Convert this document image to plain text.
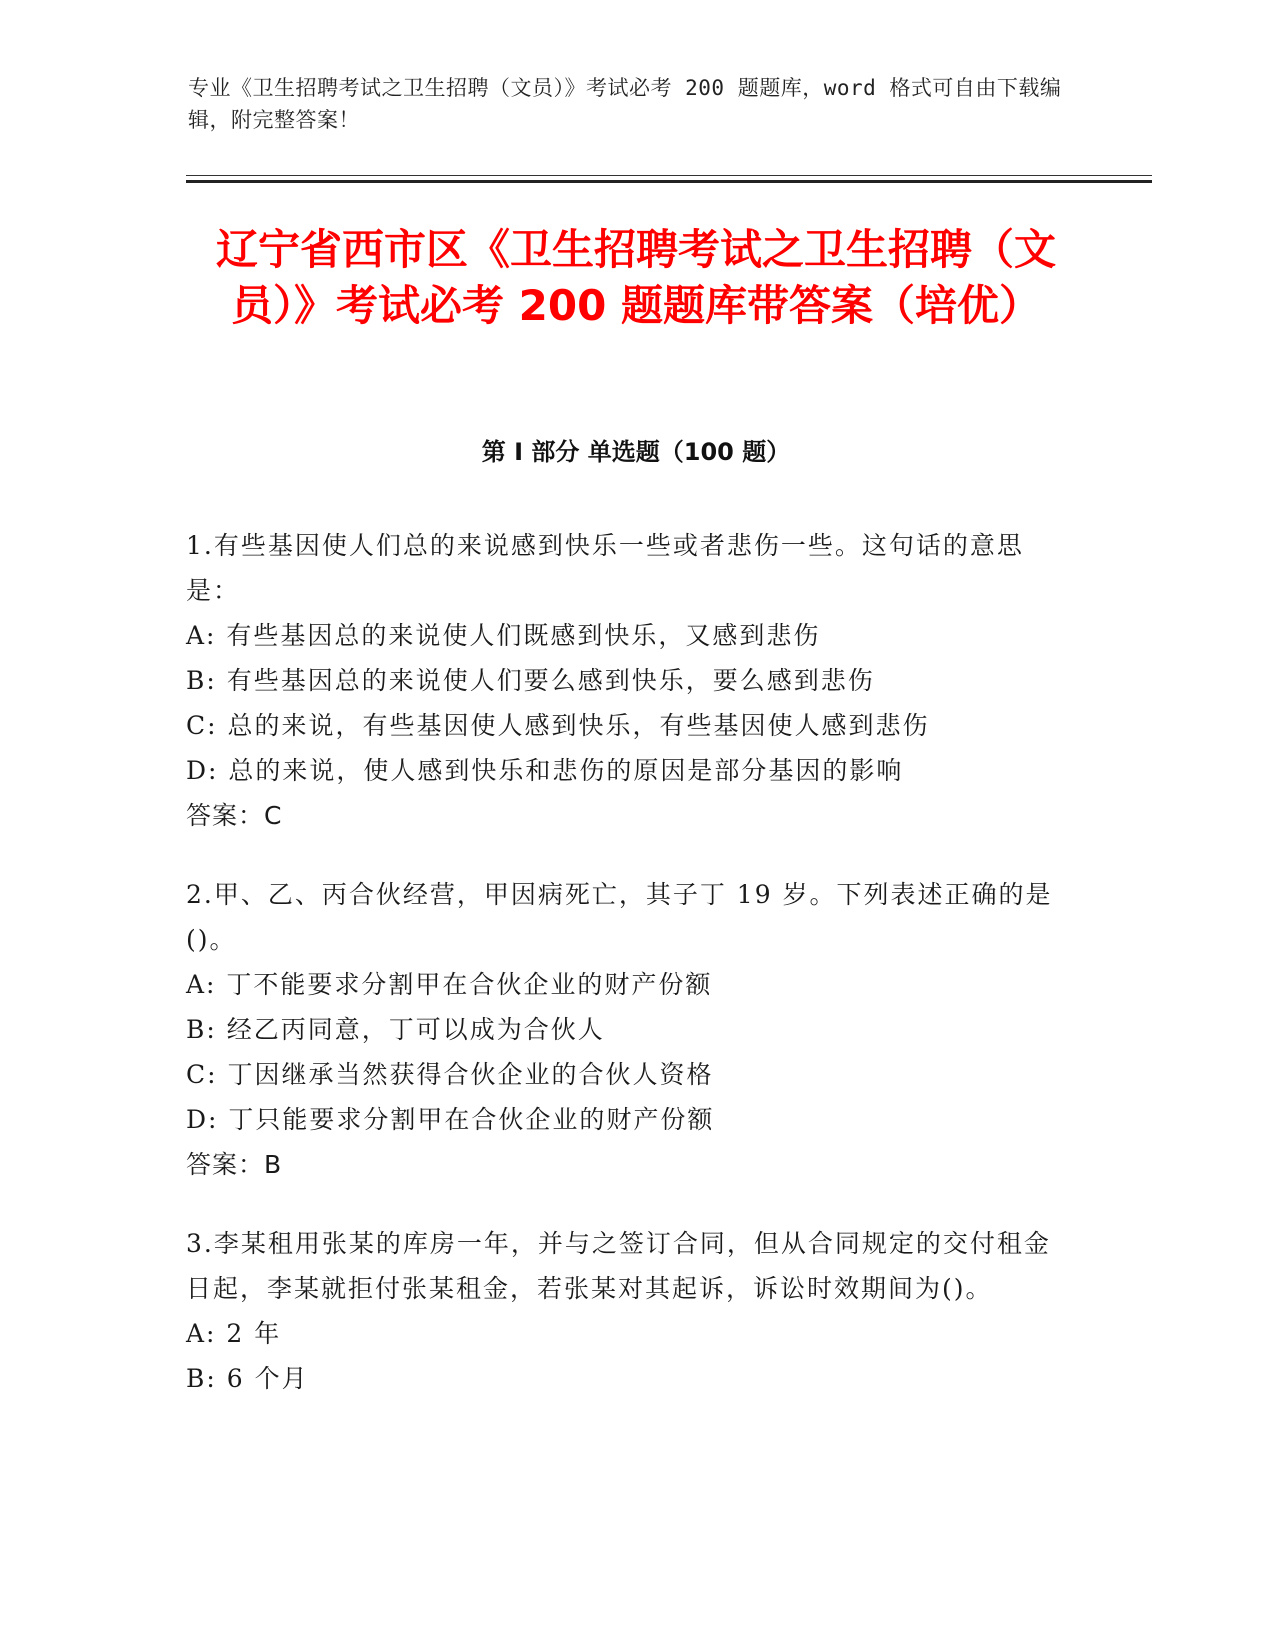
专业《卫生招聘考试之卫生招聘（文员）》考试必考 200 题题库，word 格式可自由下载编辑，附完整答案！
辽宁省西市区《卫生招聘考试之卫生招聘（文员）》考试必考 200 题题库带答案（培优）
第 I 部分 单选题（100 题）

1.有些基因使人们总的来说感到快乐一些或者悲伤一些。这句话的意思是：

A: 有些基因总的来说使人们既感到快乐，又感到悲伤

B: 有些基因总的来说使人们要么感到快乐，要么感到悲伤

C: 总的来说，有些基因使人感到快乐，有些基因使人感到悲伤

D: 总的来说，使人感到快乐和悲伤的原因是部分基因的影响

答案：C

2.甲、乙、丙合伙经营，甲因病死亡，其子丁 19 岁。下列表述正确的是()。

A: 丁不能要求分割甲在合伙企业的财产份额

B: 经乙丙同意，丁可以成为合伙人

C: 丁因继承当然获得合伙企业的合伙人资格

D: 丁只能要求分割甲在合伙企业的财产份额

答案：B

3.李某租用张某的库房一年，并与之签订合同，但从合同规定的交付租金日起，李某就拒付张某租金，若张某对其起诉，诉讼时效期间为()。

A: 2 年

B: 6 个月
